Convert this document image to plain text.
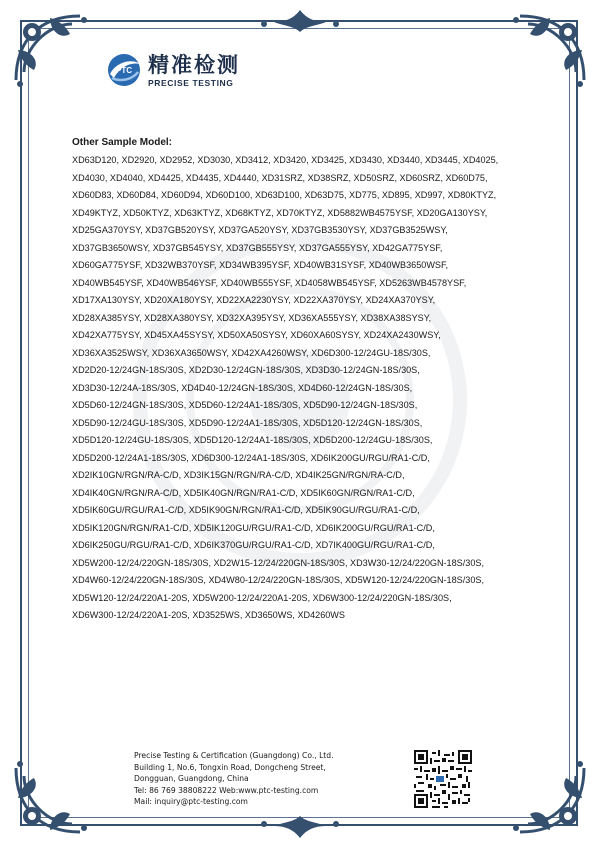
PTC 精准检测
PRECISE TESTING

Other Sample Model:

XD63D120, XD2920, XD2952, XD3030, XD3412, XD3420, XD3425, XD3430, XD3440, XD3445, XD4025,
XD4030, XD4040, XD4425, XD4435, XD4440, XD31SRZ, XD38SRZ, XD50SRZ, XD60SRZ, XD60D75,
XD60D83, XD60D84, XD60D94, XD60D100, XD63D100, XD63D75, XD775, XD895, XD997, XD80KTYZ,
XD49KTYZ, XD50KTYZ, XD63KTYZ, XD68KTYZ, XD70KTYZ, XD5882WB4575YSF, XD20GA130YSY,
XD25GA370YSY, XD37GB520YSY, XD37GA520YSY, XD37GB3530YSY, XD37GB3525WSY,
XD37GB3650WSY, XD37GB545YSY, XD37GB555YSY, XD37GA555YSY, XD42GA775YSF,
XD60GA775YSF, XD32WB370YSF, XD34WB395YSF, XD40WB31SYSF, XD40WB3650WSF,
XD40WB545YSF, XD40WB546YSF, XD40WB555YSF, XD4058WB545YSF, XD5263WB4578YSF,
XD17XA130YSY, XD20XA180YSY, XD22XA2230YSY, XD22XA370YSY, XD24XA370YSY,
XD28XA385YSY, XD28XA380YSY, XD32XA395YSY, XD36XA555YSY, XD38XA38SYSY,
XD42XA775YSY, XD45XA45SYSY, XD50XA50SYSY, XD60XA60SYSY, XD24XA2430WSY,
XD36XA3525WSY, XD36XA3650WSY, XD42XA4260WSY, XD6D300-12/24GU-18S/30S,
XD2D20-12/24GN-18S/30S, XD2D30-12/24GN-18S/30S, XD3D30-12/24GN-18S/30S,
XD3D30-12/24A-18S/30S, XD4D40-12/24GN-18S/30S, XD4D60-12/24GN-18S/30S,
XD5D60-12/24GN-18S/30S, XD5D60-12/24A1-18S/30S, XD5D90-12/24GN-18S/30S,
XD5D90-12/24GU-18S/30S, XD5D90-12/24A1-18S/30S, XD5D120-12/24GN-18S/30S,
XD5D120-12/24GU-18S/30S, XD5D120-12/24A1-18S/30S, XD5D200-12/24GU-18S/30S,
XD5D200-12/24A1-18S/30S, XD6D300-12/24A1-18S/30S, XD6IK200GU/RGU/RA1-C/D,
XD2IK10GN/RGN/RA-C/D, XD3IK15GN/RGN/RA-C/D, XD4IK25GN/RGN/RA-C/D,
XD4IK40GN/RGN/RA-C/D, XD5IK40GN/RGN/RA1-C/D, XD5IK60GN/RGN/RA1-C/D,
XD5IK60GU/RGU/RA1-C/D, XD5IK90GN/RGN/RA1-C/D, XD5IK90GU/RGU/RA1-C/D,
XD5IK120GN/RGN/RA1-C/D, XD5IK120GU/RGU/RA1-C/D, XD6IK200GU/RGU/RA1-C/D,
XD6IK250GU/RGU/RA1-C/D, XD6IK370GU/RGU/RA1-C/D, XD7IK400GU/RGU/RA1-C/D,
XD5W200-12/24/220GN-18S/30S, XD2W15-12/24/220GN-18S/30S, XD3W30-12/24/220GN-18S/30S,
XD4W60-12/24/220GN-18S/30S, XD4W80-12/24/220GN-18S/30S, XD5W120-12/24/220GN-18S/30S,
XD5W120-12/24/220A1-20S, XD5W200-12/24/220A1-20S, XD6W300-12/24/220GN-18S/30S,
XD6W300-12/24/220A1-20S, XD3525WS, XD3650WS, XD4260WS

Precise Testing & Certification (Guangdong) Co., Ltd.
Building 1, No.6, Tongxin Road, Dongcheng Street,
Dongguan, Guangdong, China
Tel: 86 769 38808222 Web:www.ptc-testing.com
Mail: inquiry@ptc-testing.com
